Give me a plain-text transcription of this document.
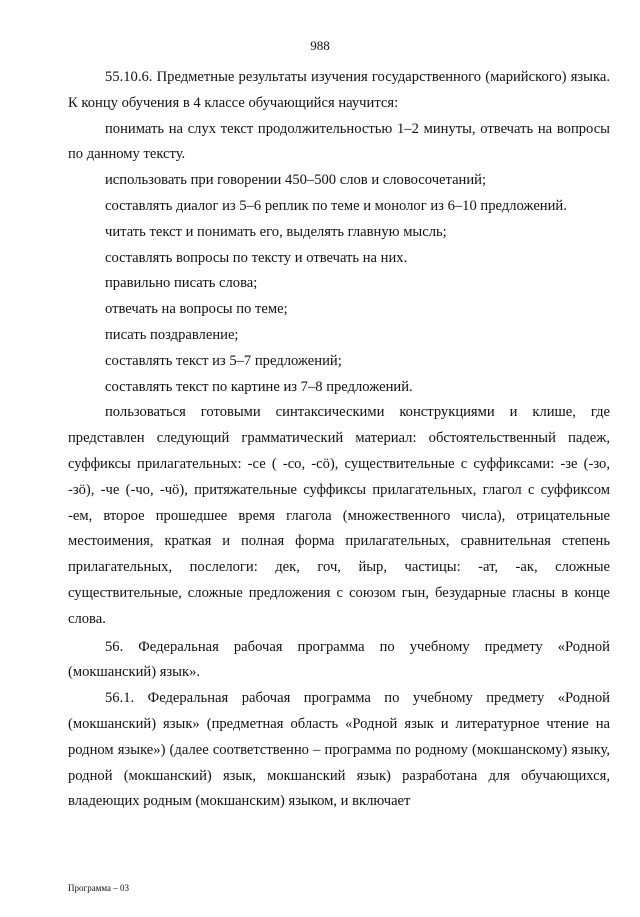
988

55.10.6. Предметные результаты изучения государственного (марийского) языка. К концу обучения в 4 классе обучающийся научится:

понимать на слух текст продолжительностью 1–2 минуты, отвечать на вопросы по данному тексту.

использовать при говорении 450–500 слов и словосочетаний;

составлять диалог из 5–6 реплик по теме и монолог из 6–10 предложений.

читать текст и понимать его, выделять главную мысль;

составлять вопросы по тексту и отвечать на них.

правильно писать слова;

отвечать на вопросы по теме;

писать поздравление;

составлять текст из 5–7 предложений;

составлять текст по картине из 7–8 предложений.

пользоваться готовыми синтаксическими конструкциями и клише, где представлен следующий грамматический материал: обстоятельственный падеж, суффиксы прилагательных: -се ( -со, -сö), существительные с суффиксами: -зе (-зо, -зö), -че (-чо, -чö), притяжательные суффиксы прилагательных, глагол с суффиксом -ем, второе прошедшее время глагола (множественного числа), отрицательные местоимения, краткая и полная форма прилагательных, сравнительная степень прилагательных, послелоги: дек, гоч, йыр, частицы: -ат, -ак, сложные существительные, сложные предложения с союзом гын, безударные гласны в конце слова.

56. Федеральная рабочая программа по учебному предмету «Родной (мокшанский) язык».

56.1. Федеральная рабочая программа по учебному предмету «Родной (мокшанский) язык» (предметная область «Родной язык и литературное чтение на родном языке») (далее соответственно – программа по родному (мокшанскому) языку, родной (мокшанский) язык, мокшанский язык) разработана для обучающихся, владеющих родным (мокшанским) языком, и включает

Программа – 03
